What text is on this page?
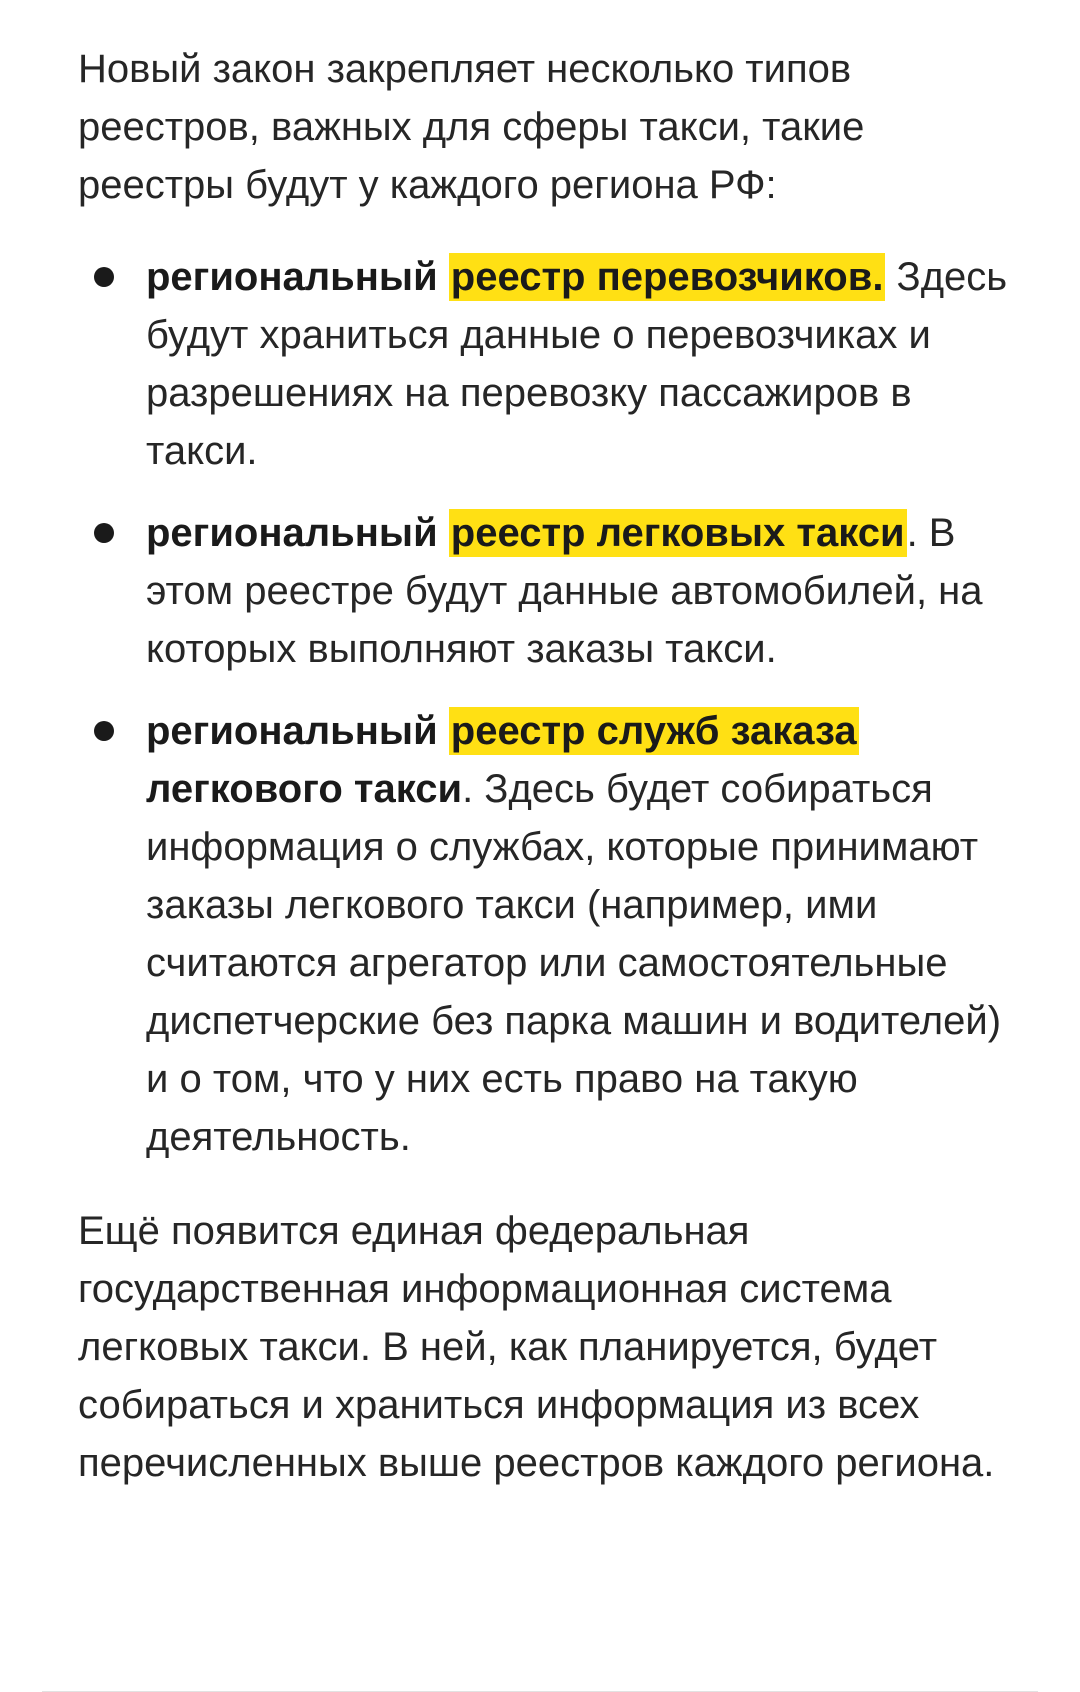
Новый закон закрепляет несколько типов реестров, важных для сферы такси, такие реестры будут у каждого региона РФ:

региональный реестр перевозчиков. Здесь будут храниться данные о перевозчиках и разрешениях на перевозку пассажиров в такси.
региональный реестр легковых такси. В этом реестре будут данные автомобилей, на которых выполняют заказы такси.
региональный реестр служб заказа легкового такси. Здесь будет собираться информация о службах, которые принимают заказы легкового такси (например, ими считаются агрегатор или самостоятельные диспетчерские без парка машин и водителей) и о том, что у них есть право на такую деятельность.

Ещё появится единая федеральная государственная информационная система легковых такси. В ней, как планируется, будет собираться и храниться информация из всех перечисленных выше реестров каждого региона.
